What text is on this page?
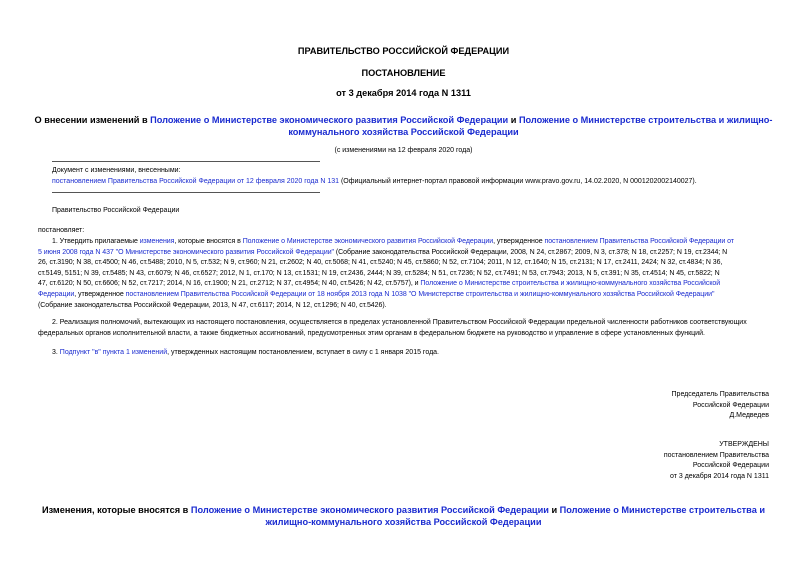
ПРАВИТЕЛЬСТВО РОССИЙСКОЙ ФЕДЕРАЦИИ
ПОСТАНОВЛЕНИЕ
от 3 декабря 2014 года N 1311
О внесении изменений в Положение о Министерстве экономического развития Российской Федерации и Положение о Министерстве строительства и жилищно-
коммунального хозяйства Российской Федерации
(с изменениями на 12 февраля 2020 года)
Документ с изменениями, внесенными:
постановлением Правительства Российской Федерации от 12 февраля 2020 года N 131 (Официальный интернет-портал правовой информации www.pravo.gov.ru, 14.02.2020, N 0001202002140027).
Правительство Российской Федерации
постановляет:
1. Утвердить прилагаемые изменения, которые вносятся в Положение о Министерстве экономического развития Российской Федерации, утвержденное постановлением Правительства Российской Федерации от
5 июня 2008 года N 437 "О Министерстве экономического развития Российской Федерации" (Собрание законодательства Российской Федерации, 2008, N 24, ст.2867; 2009, N 3, ст.378; N 18, ст.2257; N 19, ст.2344; N
26, ст.3190; N 38, ст.4500; N 46, ст.5488; 2010, N 5, ст.532; N 9, ст.960; N 21, ст.2602; N 40, ст.5068; N 41, ст.5240; N 45, ст.5860; N 52, ст.7104; 2011, N 12, ст.1640; N 15, ст.2131; N 17, ст.2411, 2424; N 32, ст.4834; N 36,
ст.5149, 5151; N 39, ст.5485; N 43, ст.6079; N 46, ст.6527; 2012, N 1, ст.170; N 13, ст.1531; N 19, ст.2436, 2444; N 39, ст.5284; N 51, ст.7236; N 52, ст.7491; N 53, ст.7943; 2013, N 5, ст.391; N 35, ст.4514; N 45, ст.5822; N
47, ст.6120; N 50, ст.6606; N 52, ст.7217; 2014, N 16, ст.1900; N 21, ст.2712; N 37, ст.4954; N 40, ст.5426; N 42, ст.5757), и Положение о Министерстве строительства и жилищно-коммунального хозяйства Российской
Федерации, утвержденное постановлением Правительства Российской Федерации от 18 ноября 2013 года N 1038 "О Министерстве строительства и жилищно-коммунального хозяйства Российской Федерации"
(Собрание законодательства Российской Федерации, 2013, N 47, ст.6117; 2014, N 12, ст.1296; N 40, ст.5426).
2. Реализация полномочий, вытекающих из настоящего постановления, осуществляется в пределах установленной Правительством Российской Федерации предельной численности работников соответствующих
федеральных органов исполнительной власти, а также бюджетных ассигнований, предусмотренных этим органам в федеральном бюджете на руководство и управление в сфере установленных функций.
3. Подпункт "в" пункта 1 изменений, утвержденных настоящим постановлением, вступает в силу с 1 января 2015 года.
Председатель Правительства
Российской Федерации
Д.Медведев
УТВЕРЖДЕНЫ
постановлением Правительства
Российской Федерации
от 3 декабря 2014 года N 1311
Изменения, которые вносятся в Положение о Министерстве экономического развития Российской Федерации и Положение о Министерстве строительства и
жилищно-коммунального хозяйства Российской Федерации
